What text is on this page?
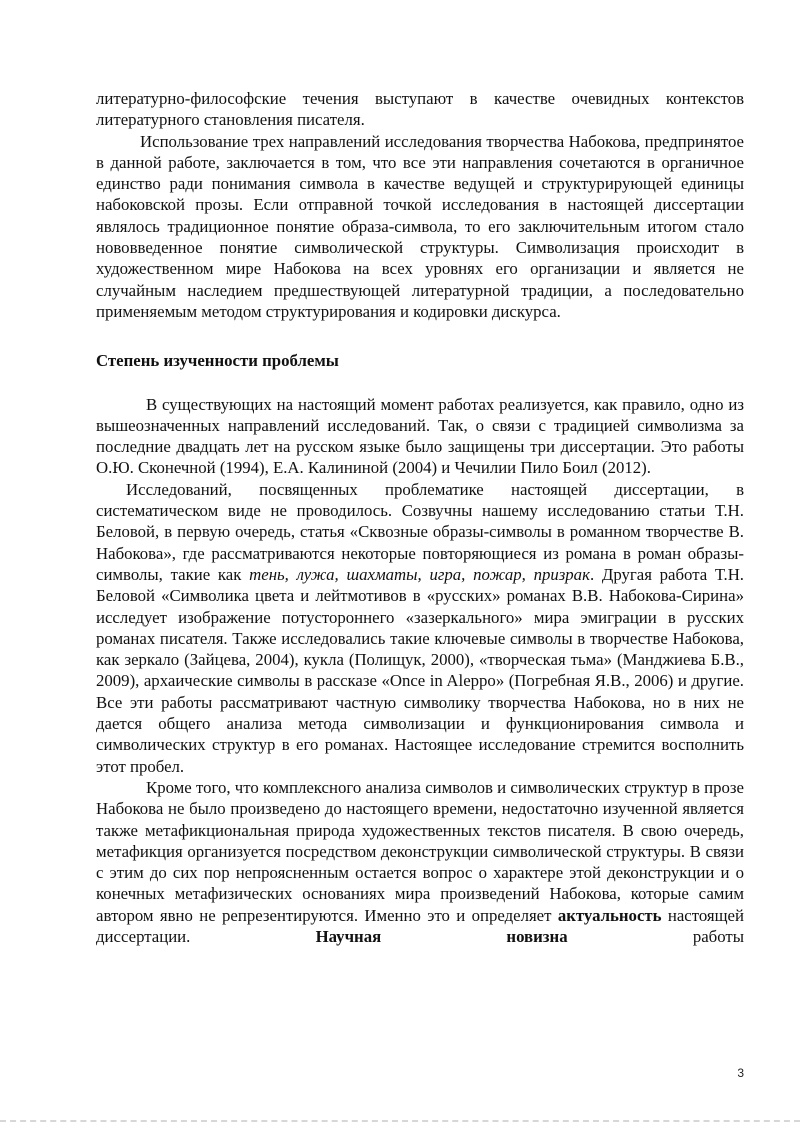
литературно-философские течения выступают в качестве очевидных контекстов литературного становления писателя.

Использование трех направлений исследования творчества Набокова, предпринятое в данной работе, заключается в том, что все эти направления сочетаются в органичное единство ради понимания символа в качестве ведущей и структурирующей единицы набоковской прозы. Если отправной точкой исследования в настоящей диссертации являлось традиционное понятие образа-символа, то его заключительным итогом стало нововведенное понятие символической структуры. Символизация происходит в художественном мире Набокова на всех уровнях его организации и является не случайным наследием предшествующей литературной традиции, а последовательно применяемым методом структурирования и кодировки дискурса.

Степень изученности проблемы

В существующих на настоящий момент работах реализуется, как правило, одно из вышеозначенных направлений исследований. Так, о связи с традицией символизма за последние двадцать лет на русском языке было защищены три диссертации. Это работы О.Ю. Сконечной (1994), Е.А. Калининой (2004) и Чечилии Пило Боил (2012).

Исследований, посвященных проблематике настоящей диссертации, в систематическом виде не проводилось. Созвучны нашему исследованию статьи Т.Н. Беловой, в первую очередь, статья «Сквозные образы-символы в романном творчестве В. Набокова», где рассматриваются некоторые повторяющиеся из романа в роман образы-символы, такие как тень, лужа, шахматы, игра, пожар, призрак. Другая работа Т.Н. Беловой «Символика цвета и лейтмотивов в «русских» романах В.В. Набокова-Сирина» исследует изображение потустороннего «зазеркального» мира эмиграции в русских романах писателя. Также исследовались такие ключевые символы в творчестве Набокова, как зеркало (Зайцева, 2004), кукла (Полищук, 2000), «творческая тьма» (Манджиева Б.В., 2009), архаические символы в рассказе «Once in Aleppo» (Погребная Я.В., 2006) и другие. Все эти работы рассматривают частную символику творчества Набокова, но в них не дается общего анализа метода символизации и функционирования символа и символических структур в его романах. Настоящее исследование стремится восполнить этот пробел.

Кроме того, что комплексного анализа символов и символических структур в прозе Набокова не было произведено до настоящего времени, недостаточно изученной является также метафикциональная природа художественных текстов писателя. В свою очередь, метафикция организуется посредством деконструкции символической структуры. В связи с этим до сих пор непроясненным остается вопрос о характере этой деконструкции и о конечных метафизических основаниях мира произведений Набокова, которые самим автором явно не репрезентируются. Именно это и определяет актуальность настоящей диссертации. Научная новизна работы

3
